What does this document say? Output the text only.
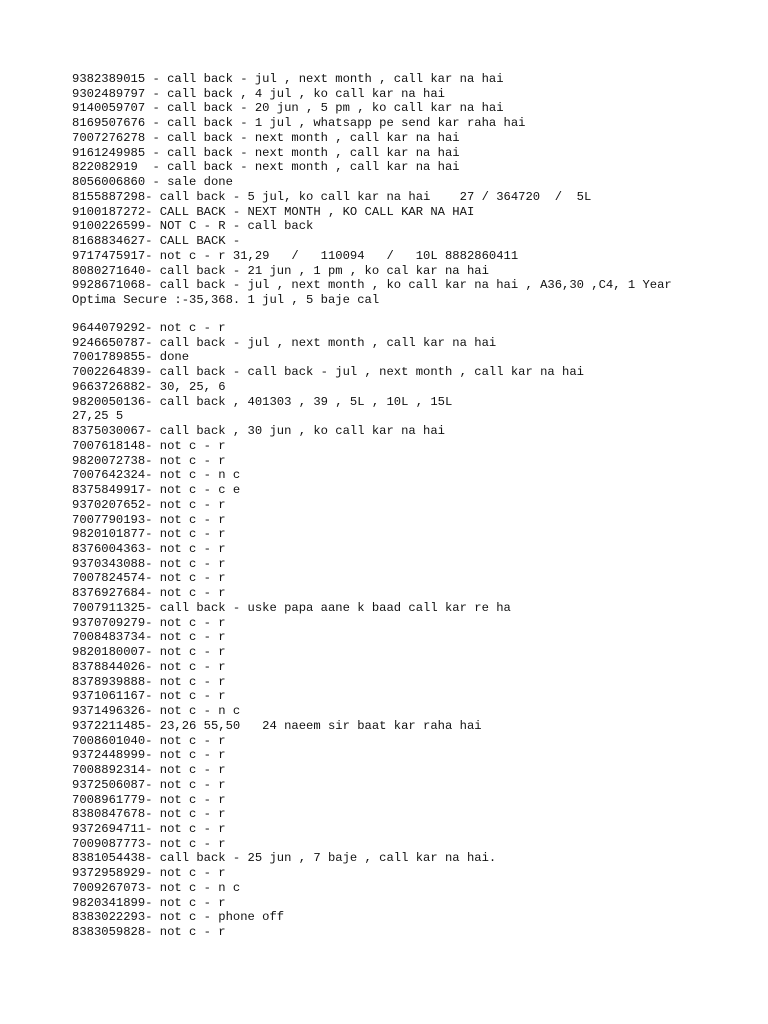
9382389015 - call back - jul , next month , call kar na hai
9302489797 - call back , 4 jul , ko call kar na hai
9140059707 - call back - 20 jun , 5 pm , ko call kar na hai
8169507676 - call back - 1 jul , whatsapp pe send kar raha hai
7007276278 - call back - next month , call kar na hai
9161249985 - call back - next month , call kar na hai
822082919  - call back - next month , call kar na hai
8056006860 - sale done
8155887298- call back - 5 jul, ko call kar na hai    27 / 364720  /  5L
9100187272- CALL BACK - NEXT MONTH , KO CALL KAR NA HAI
9100226599- NOT C - R - call back
8168834627- CALL BACK -
9717475917- not c - r 31,29   /   110094   /   10L 8882860411
8080271640- call back - 21 jun , 1 pm , ko cal kar na hai
9928671068- call back - jul , next month , ko call kar na hai , A36,30 ,C4, 1 Year
Optima Secure :-35,368. 1 jul , 5 baje cal
9644079292- not c - r
9246650787- call back - jul , next month , call kar na hai
7001789855- done
7002264839- call back - call back - jul , next month , call kar na hai
9663726882- 30, 25, 6
9820050136- call back , 401303 , 39 , 5L , 10L , 15L
27,25 5
8375030067- call back , 30 jun , ko call kar na hai
7007618148- not c - r
9820072738- not c - r
7007642324- not c - n c
8375849917- not c - c e
9370207652- not c - r
7007790193- not c - r
9820101877- not c - r
8376004363- not c - r
9370343088- not c - r
7007824574- not c - r
8376927684- not c - r
7007911325- call back - uske papa aane k baad call kar re ha
9370709279- not c - r
7008483734- not c - r
9820180007- not c - r
8378844026- not c - r
8378939888- not c - r
9371061167- not c - r
9371496326- not c - n c
9372211485- 23,26 55,50   24 naeem sir baat kar raha hai
7008601040- not c - r
9372448999- not c - r
7008892314- not c - r
9372506087- not c - r
7008961779- not c - r
8380847678- not c - r
9372694711- not c - r
7009087773- not c - r
8381054438- call back - 25 jun , 7 baje , call kar na hai.
9372958929- not c - r
7009267073- not c - n c
9820341899- not c - r
8383022293- not c - phone off
8383059828- not c - r
